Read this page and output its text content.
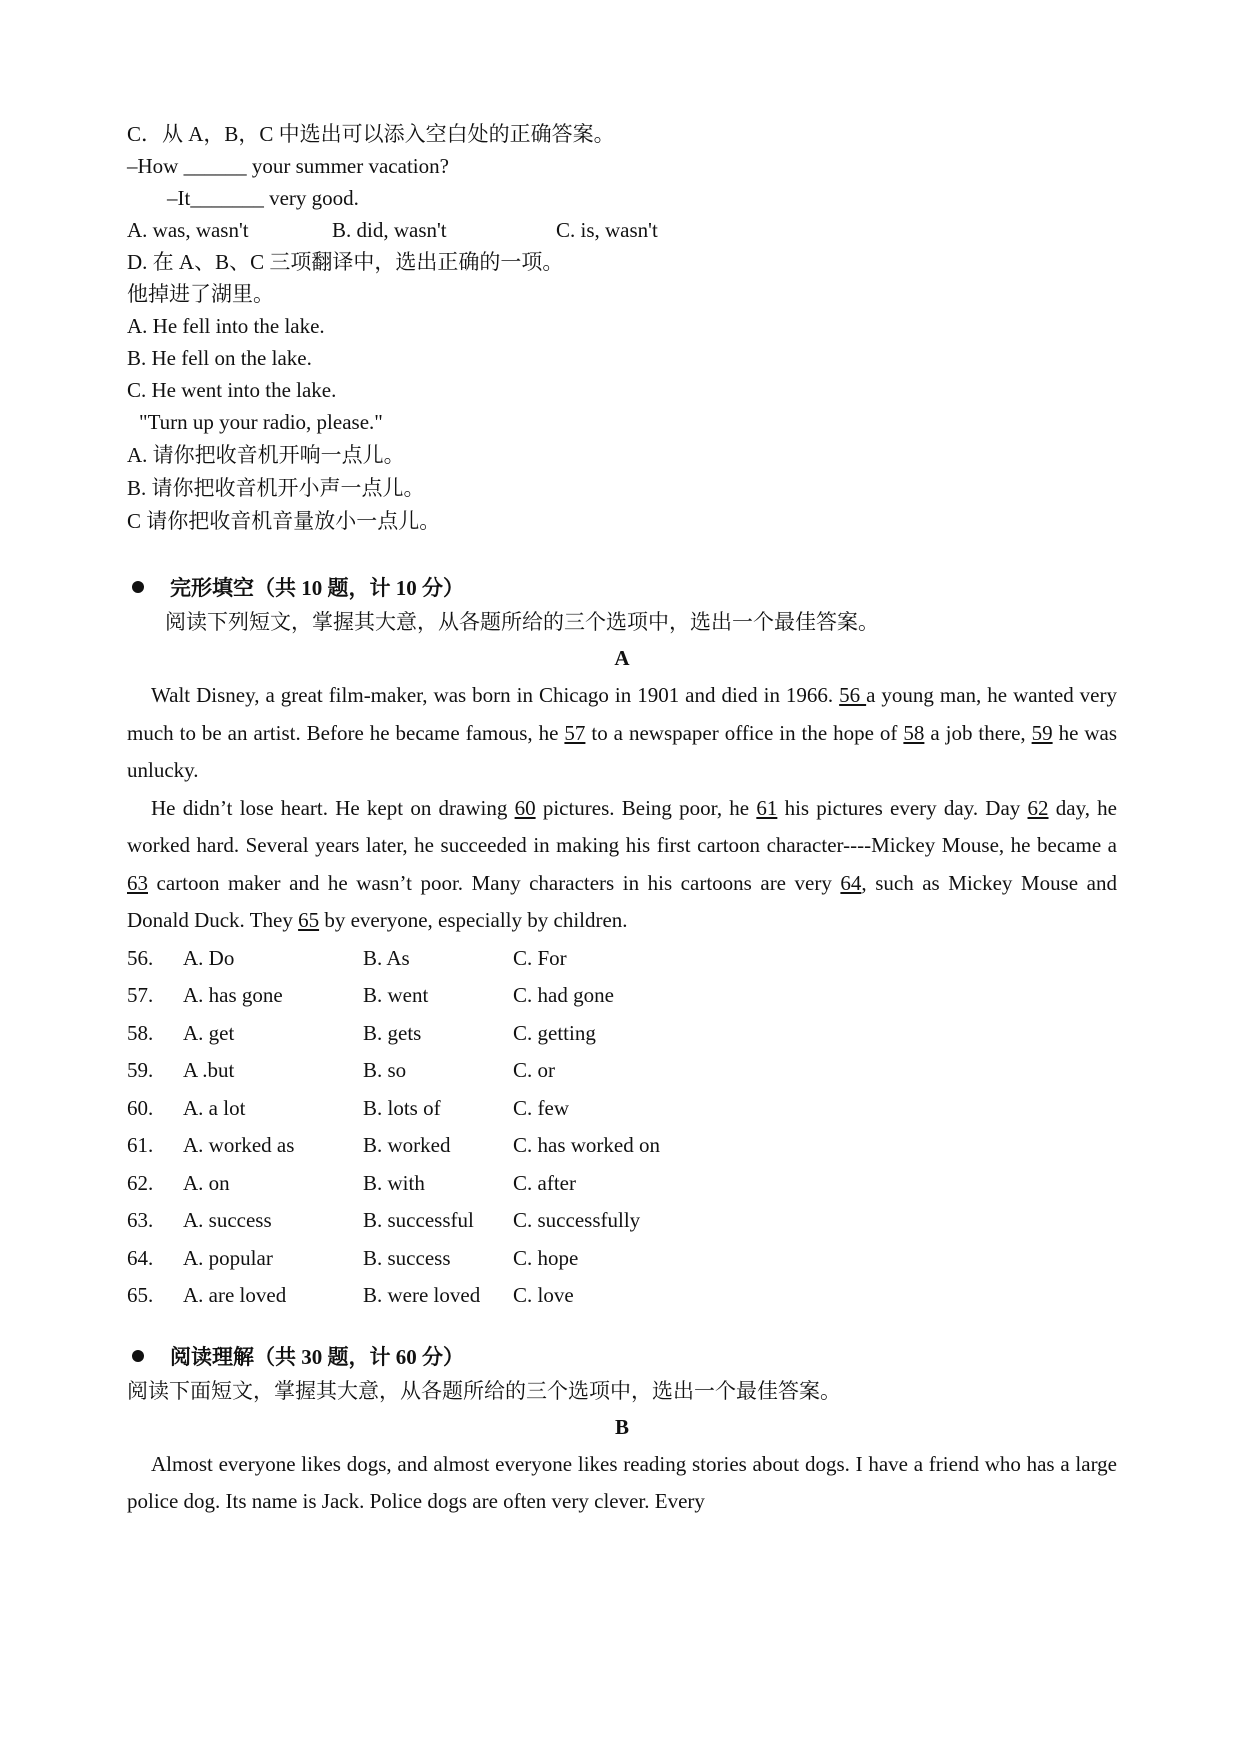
C．从 A，B，C 中选出可以添入空白处的正确答案。
–How ______ your summer vacation?
–It_______ very good.
A. was, wasn't	B. did, wasn't	C. is, wasn't
D. 在 A、B、C 三项翻译中，选出正确的一项。
他掉进了湖里。
A. He fell into the lake.
B. He fell on the lake.
C. He went into the lake.
"Turn up your radio, please."
A. 请你把收音机开响一点儿。
B. 请你把收音机开小声一点儿。
C 请你把收音机音量放小一点儿。
完形填空（共 10 题，计 10 分）
阅读下列短文，掌握其大意，从各题所给的三个选项中，选出一个最佳答案。
A
Walt Disney, a great film-maker, was born in Chicago in 1901 and died in 1966. 56 a young man, he wanted very much to be an artist. Before he became famous, he 57 to a newspaper office in the hope of 58 a job there, 59 he was unlucky.
He didn’t lose heart. He kept on drawing 60 pictures. Being poor, he 61 his pictures every day. Day 62 day, he worked hard. Several years later, he succeeded in making his first cartoon character----Mickey Mouse, he became a 63 cartoon maker and he wasn’t poor. Many characters in his cartoons are very 64, such as Mickey Mouse and Donald Duck. They 65 by everyone, especially by children.
56.	A. Do	B. As	C. For
57.	A. has gone	B. went	C. had gone
58.	A. get	B. gets	C. getting
59.	A .but	B. so	C. or
60.	A. a lot	B. lots of	C. few
61.	A. worked as	B. worked	C. has worked on
62.	A. on	B. with	C. after
63.	A. success	B. successful	C. successfully
64.	A. popular	B. success	C. hope
65.	A. are loved	B. were loved	C. love
阅读理解（共 30 题，计 60 分）
阅读下面短文，掌握其大意，从各题所给的三个选项中，选出一个最佳答案。
B
Almost everyone likes dogs, and almost everyone likes reading stories about dogs. I have a friend who has a large police dog. Its name is Jack. Police dogs are often very clever. Every
